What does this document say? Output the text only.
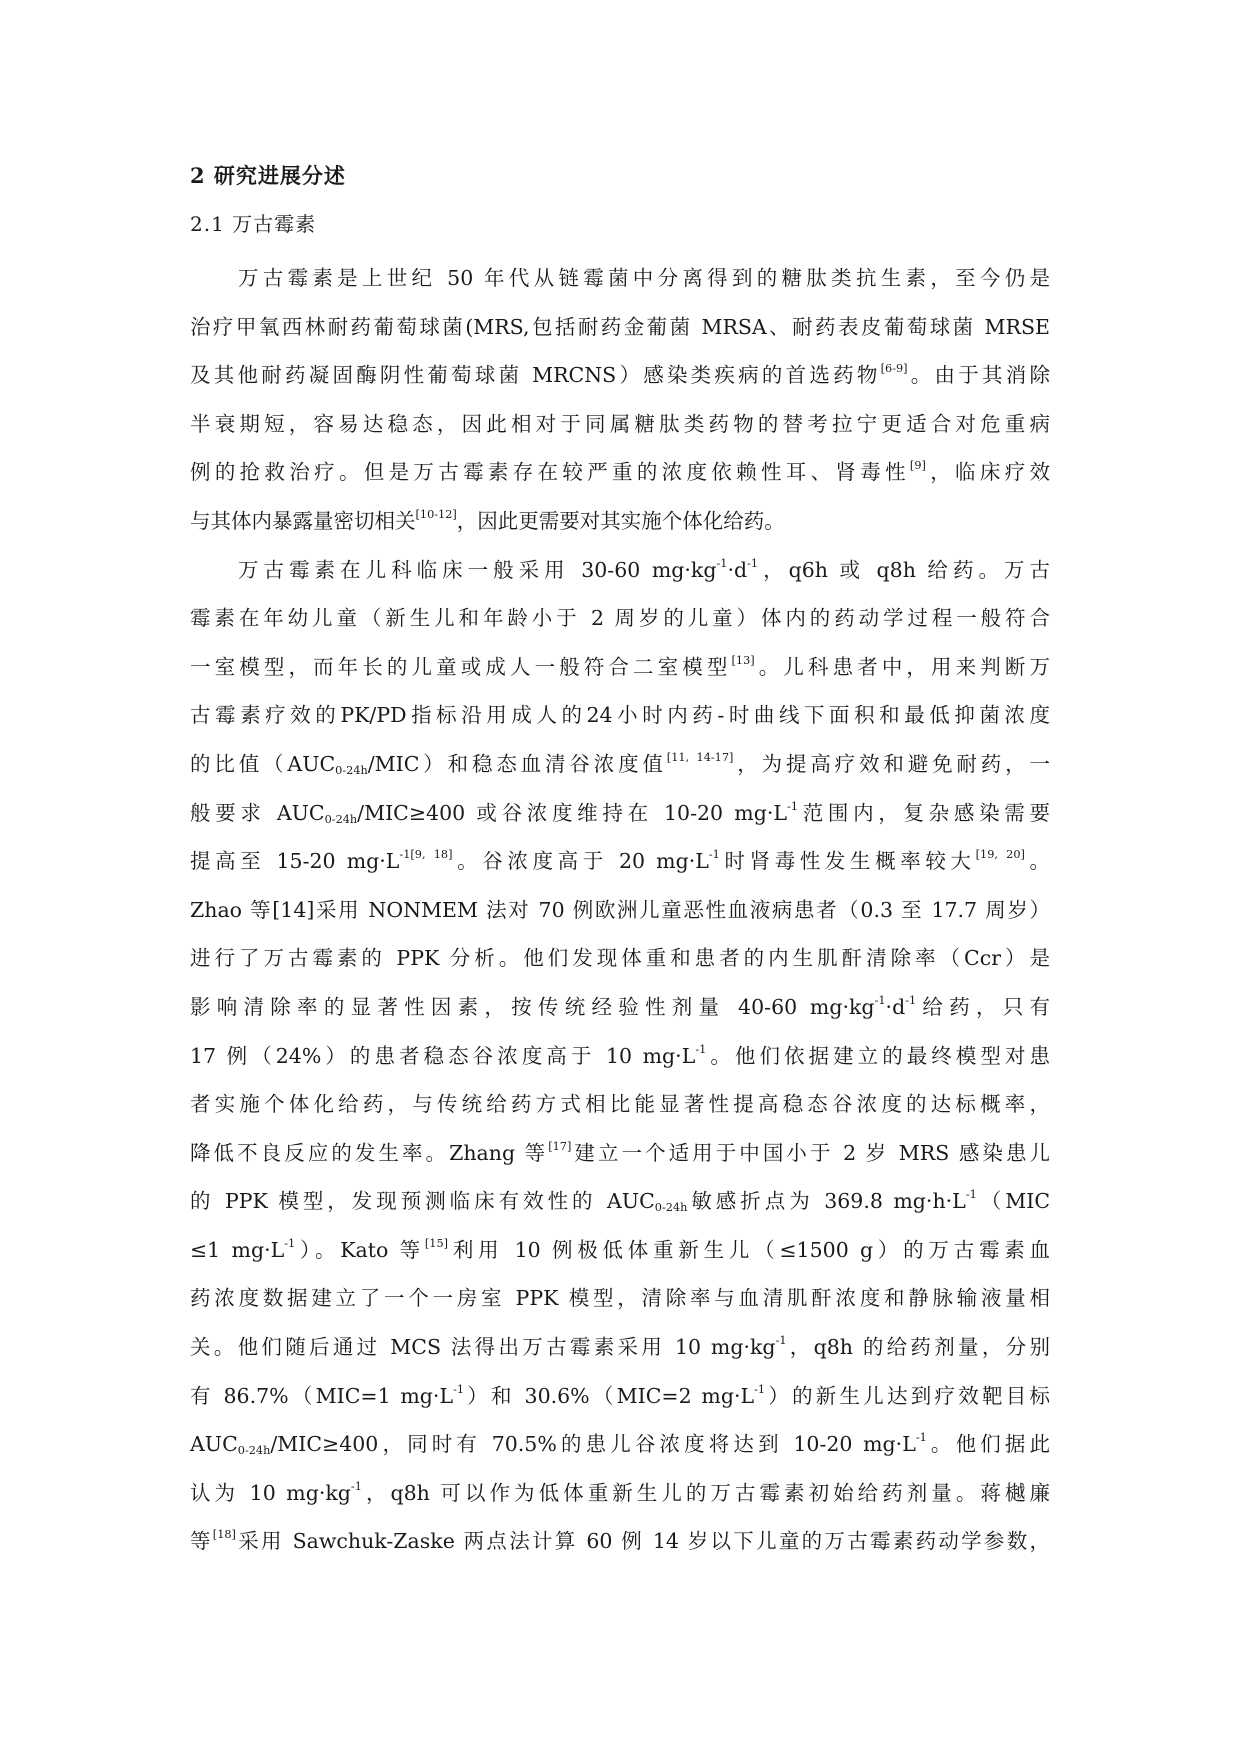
2 研究进展分述
2.1 万古霉素
万古霉素是上世纪 50 年代从链霉菌中分离得到的糖肽类抗生素，至今仍是
治疗甲氧西林耐药葡萄球菌(MRS,包括耐药金葡菌 MRSA、耐药表皮葡萄球菌 MRSE
及其他耐药凝固酶阴性葡萄球菌 MRCNS）感染类疾病的首选药物[6-9]。由于其消除
半衰期短，容易达稳态，因此相对于同属糖肽类药物的替考拉宁更适合对危重病
例的抢救治疗。但是万古霉素存在较严重的浓度依赖性耳、肾毒性[9]，临床疗效
与其体内暴露量密切相关[10-12]，因此更需要对其实施个体化给药。
万古霉素在儿科临床一般采用 30-60 $mg\cdot kg^{-1}\cdot d^{-1}$，q6h 或 q8h 给药。万古
霉素在年幼儿童（新生儿和年龄小于 2 周岁的儿童）体内的药动学过程一般符合
一室模型，而年长的儿童或成人一般符合二室模型[13]。儿科患者中，用来判断万
古霉素疗效的PK/PD指标沿用成人的24小时内药-时曲线下面积和最低抑菌浓度
的比值$(AUC_{0-24h}/MIC)$和稳态血清谷浓度值[11, 14-17]，为提高疗效和避免耐药，一
般要求 $AUC_{0-24h}/MIC\ge 400$ 或谷浓度维持在 10-20 $mg\cdot L^{-1}$范围内，复杂感染需要
提高至 15-20 $mg\cdot L^{-1[9, 18]}$。谷浓度高于 20 $mg\cdot L^{-1}$时肾毒性发生概率较大[19, 20]。
Zhao 等[14]采用 NONMEM 法对 70 例欧洲儿童恶性血液病患者（0.3 至 17.7 周岁）
进行了万古霉素的 PPK 分析。他们发现体重和患者的内生肌酐清除率（Ccr）是
影响清除率的显著性因素，按传统经验性剂量 40-60 $mg\cdot kg^{-1}\cdot d^{-1}$给药，只有
17 例（24%）的患者稳态谷浓度高于 10 $mg\cdot L^{-1}$。他们依据建立的最终模型对患
者实施个体化给药，与传统给药方式相比能显著性提高稳态谷浓度的达标概率，
降低不良反应的发生率。Zhang 等[17]建立一个适用于中国小于 2 岁 MRS 感染患儿
的 PPK 模型，发现预测临床有效性的 $AUC_{0-24h}$敏感折点为 369.8 $mg\cdot h\cdot L^{-1}(MIC$
≤1 $mg\cdot L^{-1}$）。Kato 等[15]利用 10 例极低体重新生儿（≤1500 g）的万古霉素血
药浓度数据建立了一个一房室 PPK 模型，清除率与血清肌酐浓度和静脉输液量相
关。他们随后通过 MCS 法得出万古霉素采用 10 $mg\cdot kg^{-1}$，q8h 的给药剂量，分别
有 86.7%（MIC=1 $mg\cdot L^{-1}$）和 30.6%（MIC=2 $mg\cdot L^{-1}$）的新生儿达到疗效靶目标
$AUC_{0-24h}/MIC\ge 400$，同时有 70.5%的患儿谷浓度将达到 10-20 $mg\cdot L^{-1}$。他们据此
认为 10 $mg\cdot kg^{-1}$，q8h 可以作为低体重新生儿的万古霉素初始给药剂量。蒋樾廉
等[18]采用 Sawchuk-Zaske 两点法计算 60 例 14 岁以下儿童的万古霉素药动学参数，
